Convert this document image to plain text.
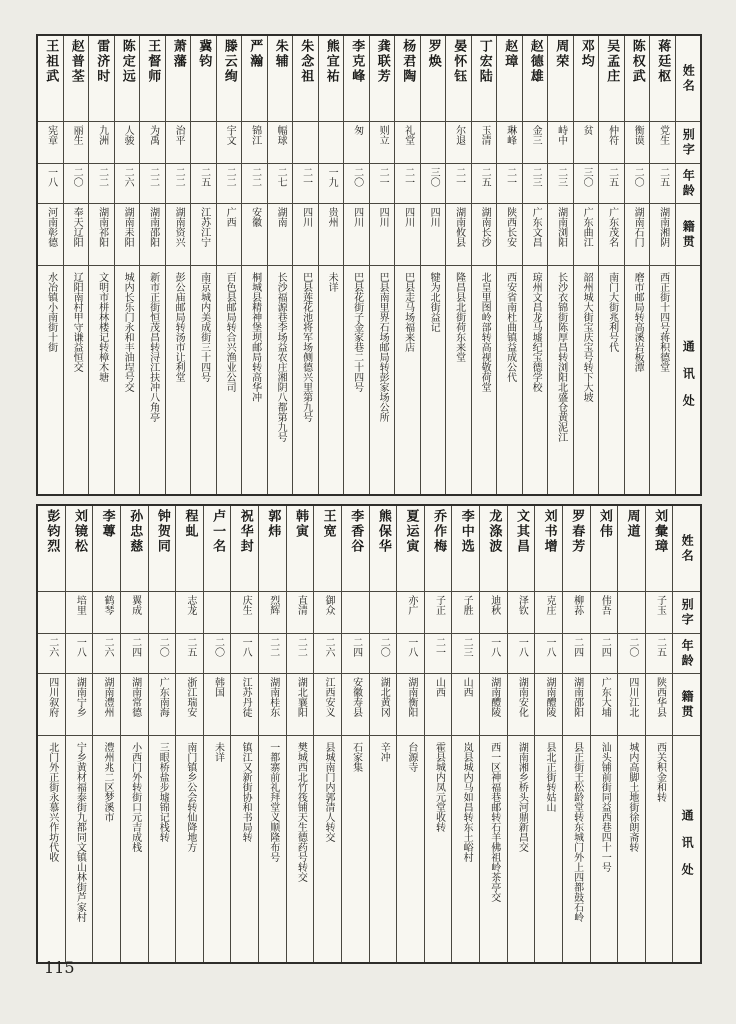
王祖武
宪章
一八
河南彰德
水冶镇小南街十街
赵普荃
丽生
二〇
奉天辽阳
辽阳南村甲守谦益恒交
雷济时
九洲
二二
湖南祁阳
文明市栟林楼记转樟木塘
陈定远
人骏
二六
湖南耒阳
城内长乐门永和丰油埕号交
王督师
为禹
二二
湖南邵阳
新市正街恒茂昌转浔江扶冲八角亭
萧藩
治平
二二
湖南资兴
彭公庙邮局转汤市让利堂
冀钧
二五
江苏江宁
南京城内美成街三十四号
滕云绚
宇文
二二
广西
百色县邮局转合兴渔业公司
严瀚
锦江
二二
安徽
桐城县精神堡坝邮局转高华冲
朱辅
幅球
二七
湖南
长沙福源巷李场益农庄湘阴八都第九号
朱念祖
二一
四川
巴县莲花池将军场侧德兴里第九号
熊宜祐
一九
贵州
未详
李克峰
匆
二〇
四川
巴县花街子金家巷二十四号
龚联芳
则立
二一
四川
巴县南里界石场邮局转彭家场公所
杨君陶
礼堂
二一
四川
巴县走马场福来店
罗焕
三〇
四川
犍为北街益记
晏怀钰
尔退
二一
湖南攸县
隆昌县北街荷东来堂
丁宏陆
玉清
二五
湖南长沙
北皇里图岭部转高视敬荷堂
赵璋
琳峰
二一
陕西长安
西安省南杜曲镇益成公代
赵德雄
金三
二三
广东文昌
琼州文昌龙马墟纪宝德学校
周荣
峙中
二三
湖南浏阳
长沙衣锦街陈厚昌转浏阳北盛仓黄泥江
邓均
贫
三〇
广东曲江
韶州城大街宝庆宝号转下大坡
吴孟庄
仲符
二五
广东茂名
南门大街兆利号代
陈权武
衡谟
二〇
湖南石门
磨市邮局转高溪岩板潭
蒋廷枢
党生
二五
湖南湘阴
西正街十四号蒋积德堂
姓名
别字
年龄
籍贯
通讯处
彭钧烈
二六
四川叙府
北门外正街永慕兴作坊代收
刘镜松
培里
一八
湖南宁乡
宁乡黄材福泰街九都同文镇山林街芦家村
李蓴
鹤琴
二六
湖南澧州
澧州兆二区梦溪市
孙忠慈
翼成
二四
湖南常德
小西门外转街口元吉成栈
钟贺同
二〇
广东南海
三眼桥盐步墟锦记栈转
程虬
志龙
二五
浙江瑞安
南门镇乡公会转仙降地方
卢一名
二〇
韩国
未详
祝华封
庆生
一八
江苏丹徒
镇江又新街协和书局转
郭炜
烈辉
二二
湖南桂东
一都寨前礼拜堂义顺隆布号
韩寅
直清
二二
湖北襄阳
樊城西北竹筏铺天生德药号转交
王宽
御众
二六
江西安义
县城南门内郭清人转交
李香谷
二四
安徽寿县
石家集
熊保华
二〇
湖北黄冈
辛冲
夏运寅
亦广
一八
湖南衡阳
台源寺
乔作梅
子正
二一
山西
霍县城内凤元堂收转
李中选
子胜
二三
山西
岚县城内马如昌转东土峪村
龙涤波
迪秋
一八
湖南醴陵
西一区神福巷邮转石羊佛祖岭茶亭交
文其昌
泽钦
一八
湖南安化
湖南湘乡桥头河鼎新昌交
刘书增
克庄
一八
湖南醴陵
县北正街转姑山
罗春芳
柳荪
二四
湖南邵阳
县正街王松龄堂转东城门外上四都鼓石岭
刘伟
伟吾
二四
广东大埔
汕头铺前街同益西巷四十一号
周道
二〇
四川江北
城内高脚土地街徐朗斋转
刘彙璋
子玉
二五
陕西华县
西关积金和转
姓名
别字
年龄
籍贯
通讯处
115
